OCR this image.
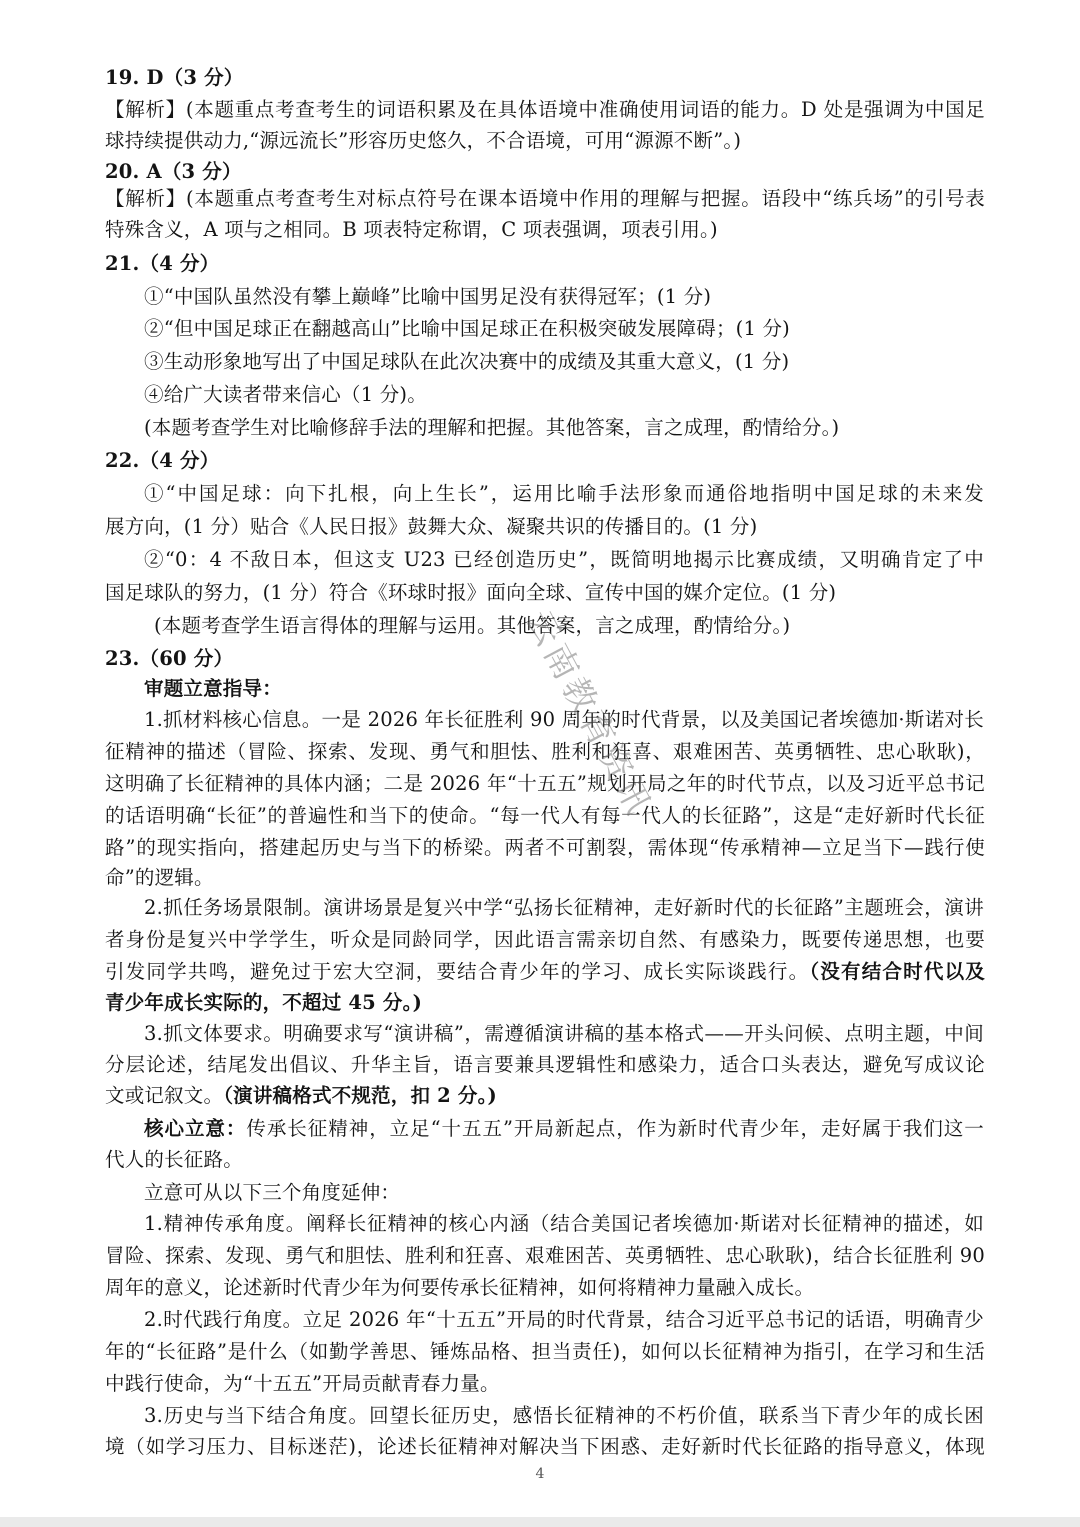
19. D（3 分）
【解析】(本题重点考查考生的词语积累及在具体语境中准确使用词语的能力。D 处是强调为中国足
球持续提供动力,“源远流长”形容历史悠久，不合语境，可用“源源不断”。)
20. A（3 分）
【解析】(本题重点考查考生对标点符号在课本语境中作用的理解与把握。语段中“练兵场”的引号表
特殊含义，A 项与之相同。B 项表特定称谓，C 项表强调，项表引用。)
21.（4 分）
①“中国队虽然没有攀上巅峰”比喻中国男足没有获得冠军；(1 分)
②“但中国足球正在翻越高山”比喻中国足球正在积极突破发展障碍；(1 分)
③生动形象地写出了中国足球队在此次决赛中的成绩及其重大意义，(1 分)
④给广大读者带来信心（1 分)。
(本题考查学生对比喻修辞手法的理解和把握。其他答案，言之成理，酌情给分。)
22.（4 分）
①“中国足球：向下扎根，向上生长”，运用比喻手法形象而通俗地指明中国足球的未来发
展方向，(1 分）贴合《人民日报》鼓舞大众、凝聚共识的传播目的。(1 分)
②“0：4 不敌日本，但这支 U23 已经创造历史”，既简明地揭示比赛成绩，又明确肯定了中
国足球队的努力，(1 分）符合《环球时报》面向全球、宣传中国的媒介定位。(1 分)
(本题考查学生语言得体的理解与运用。其他答案，言之成理，酌情给分。)
23.（60 分）
审题立意指导：
1.抓材料核心信息。一是 2026 年长征胜利 90 周年的时代背景，以及美国记者埃德加·斯诺对长
征精神的描述（冒险、探索、发现、勇气和胆怯、胜利和狂喜、艰难困苦、英勇牺牲、忠心耿耿)，
这明确了长征精神的具体内涵；二是 2026 年“十五五”规划开局之年的时代节点，以及习近平总书记
的话语明确“长征”的普遍性和当下的使命。“每一代人有每一代人的长征路”，这是“走好新时代长征
路”的现实指向，搭建起历史与当下的桥梁。两者不可割裂，需体现“传承精神—立足当下—践行使
命”的逻辑。
2.抓任务场景限制。演讲场景是复兴中学“弘扬长征精神，走好新时代的长征路”主题班会，演讲
者身份是复兴中学学生，听众是同龄同学，因此语言需亲切自然、有感染力，既要传递思想，也要
引发同学共鸣，避免过于宏大空洞，要结合青少年的学习、成长实际谈践行。（没有结合时代以及
青少年成长实际的，不超过 45 分。)
3.抓文体要求。明确要求写“演讲稿”，需遵循演讲稿的基本格式——开头问候、点明主题，中间
分层论述，结尾发出倡议、升华主旨，语言要兼具逻辑性和感染力，适合口头表达，避免写成议论
文或记叙文。（演讲稿格式不规范，扣 2 分。)
核心立意：传承长征精神，立足“十五五”开局新起点，作为新时代青少年，走好属于我们这一
代人的长征路。
立意可从以下三个角度延伸：
1.精神传承角度。阐释长征精神的核心内涵（结合美国记者埃德加·斯诺对长征精神的描述，如
冒险、探索、发现、勇气和胆怯、胜利和狂喜、艰难困苦、英勇牺牲、忠心耿耿)，结合长征胜利 90
周年的意义，论述新时代青少年为何要传承长征精神，如何将精神力量融入成长。
2.时代践行角度。立足 2026 年“十五五”开局的时代背景，结合习近平总书记的话语，明确青少
年的“长征路”是什么（如勤学善思、锤炼品格、担当责任)，如何以长征精神为指引，在学习和生活
中践行使命，为“十五五”开局贡献青春力量。
3.历史与当下结合角度。回望长征历史，感悟长征精神的不朽价值，联系当下青少年的成长困
境（如学习压力、目标迷茫)，论述长征精神对解决当下困惑、走好新时代长征路的指导意义，体现
云南教育资讯
4
